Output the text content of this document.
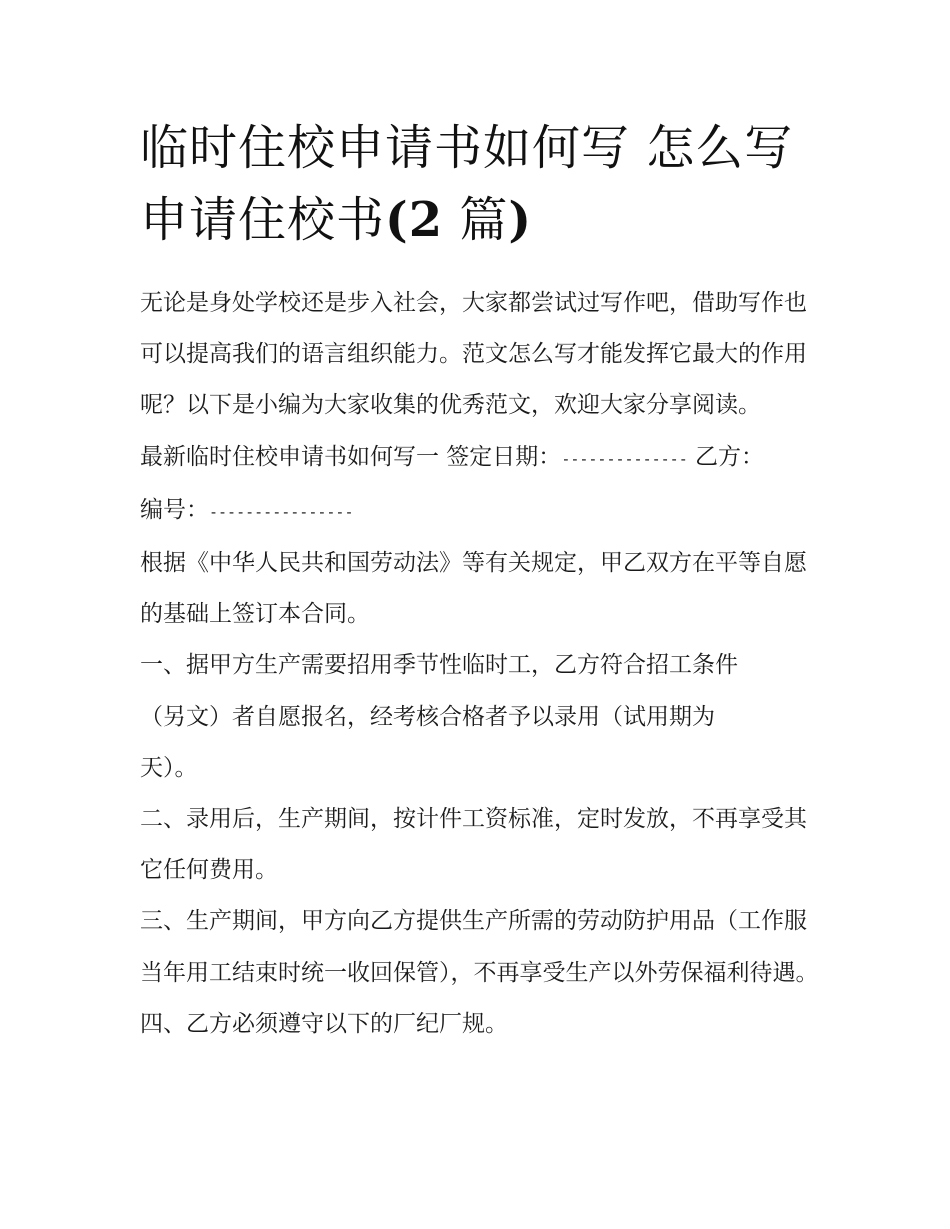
临时住校申请书如何写 怎么写
申请住校书(2 篇)

无论是身处学校还是步入社会，大家都尝试过写作吧，借助写作也可以提高我们的语言组织能力。范文怎么写才能发挥它最大的作用呢？以下是小编为大家收集的优秀范文，欢迎大家分享阅读。

最新临时住校申请书如何写一 签定日期：-------------- 乙方：
编号：----------------

根据《中华人民共和国劳动法》等有关规定，甲乙双方在平等自愿的基础上签订本合同。

一、据甲方生产需要招用季节性临时工，乙方符合招工条件
（另文）者自愿报名，经考核合格者予以录用（试用期为
天）。

二、录用后，生产期间，按计件工资标准，定时发放，不再享受其它任何费用。

三、生产期间，甲方向乙方提供生产所需的劳动防护用品（工作服当年用工结束时统一收回保管），不再享受生产以外劳保福利待遇。 四、乙方必须遵守以下的厂纪厂规。
